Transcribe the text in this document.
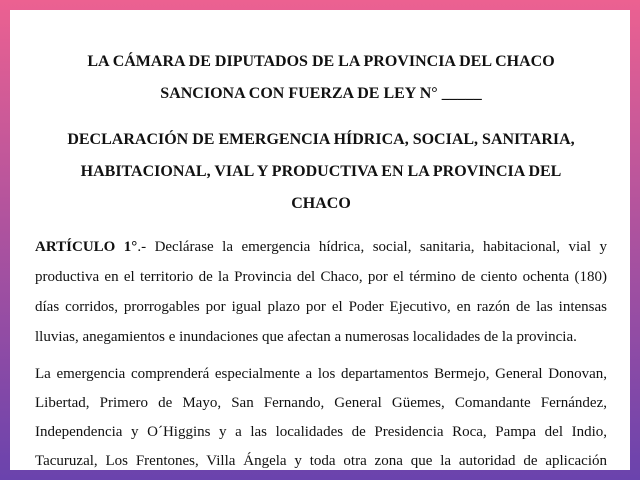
LA CÁMARA DE DIPUTADOS DE LA PROVINCIA DEL CHACO
SANCIONA CON FUERZA DE LEY N° _____
DECLARACIÓN DE EMERGENCIA HÍDRICA, SOCIAL, SANITARIA,
HABITACIONAL, VIAL Y PRODUCTIVA EN LA PROVINCIA DEL
CHACO
ARTÍCULO 1°.- Declárase la emergencia hídrica, social, sanitaria, habitacional, vial y
productiva en el territorio de la Provincia del Chaco, por el término de ciento ochenta (180)
días corridos, prorrogables por igual plazo por el Poder Ejecutivo, en razón de las intensas
lluvias, anegamientos e inundaciones que afectan a numerosas localidades de la provincia.
La emergencia comprenderá especialmente a los departamentos Bermejo, General Donovan,
Libertad, Primero de Mayo, San Fernando, General Güemes, Comandante Fernández,
Independencia y O´Higgins y a las localidades de Presidencia Roca, Pampa del Indio,
Tacuruzal, Los Frentones, Villa Ángela y toda otra zona que la autoridad de aplicación
